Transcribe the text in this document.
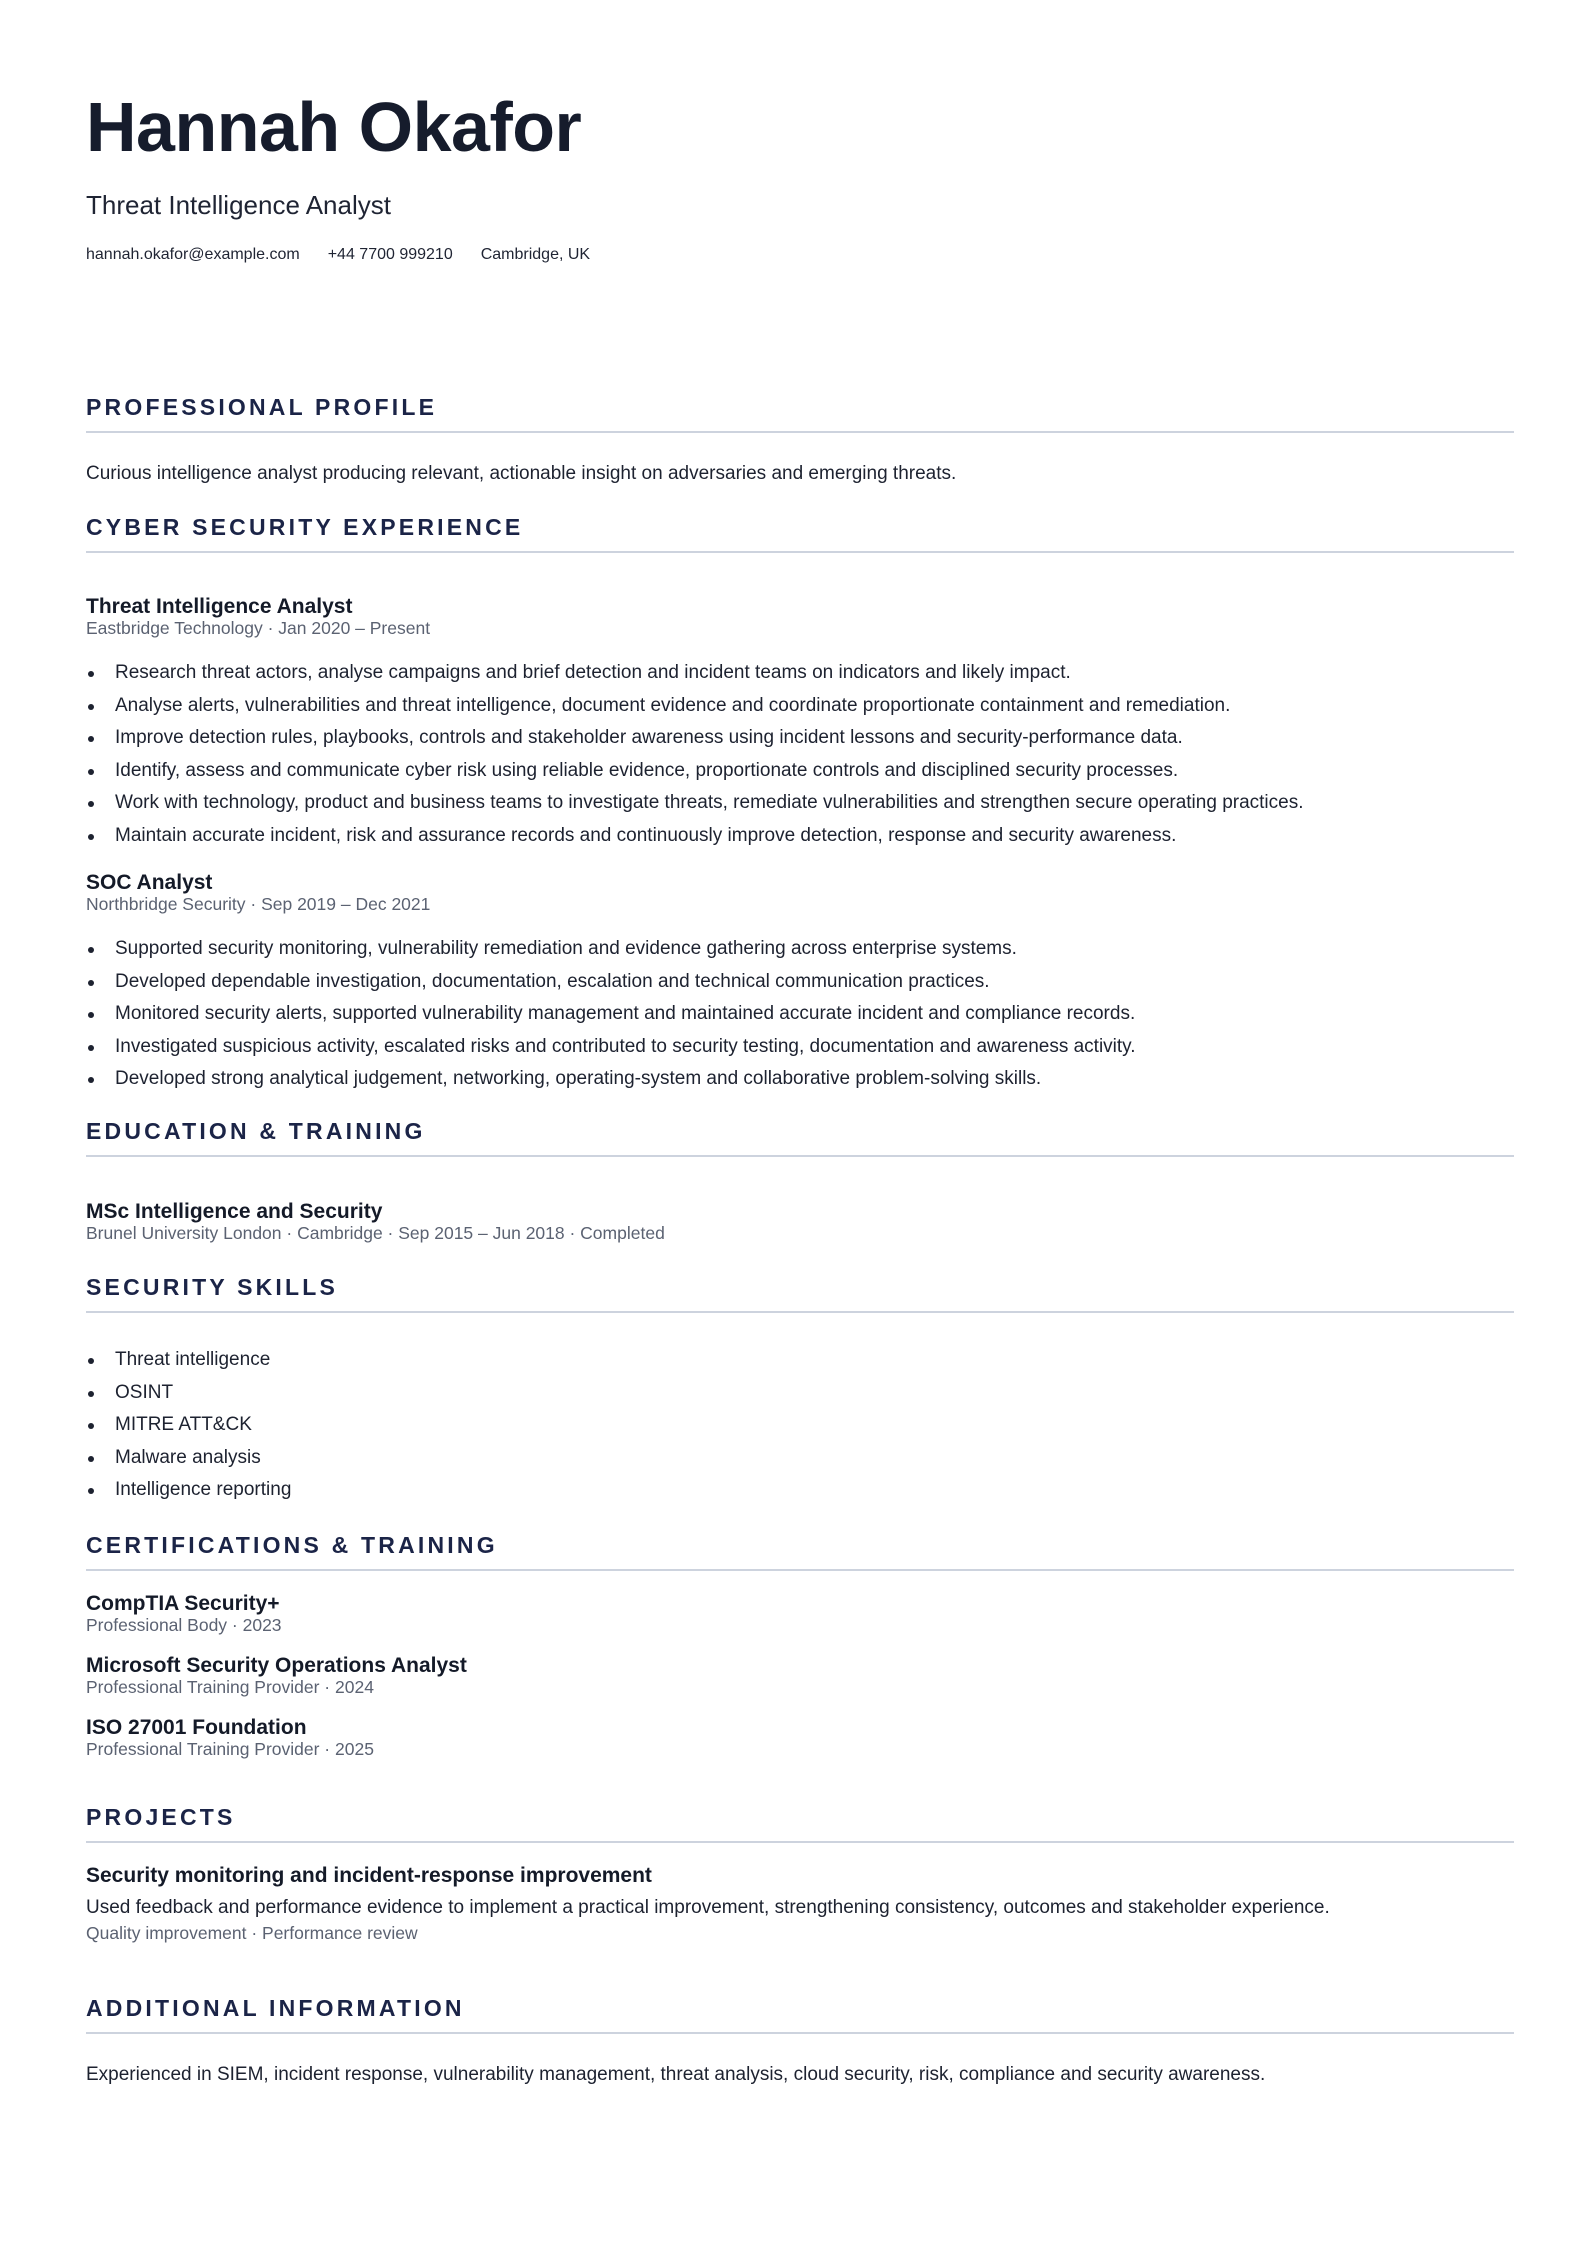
Hannah Okafor
Threat Intelligence Analyst
hannah.okafor@example.com +44 7700 999210 Cambridge, UK
PROFESSIONAL PROFILE
Curious intelligence analyst producing relevant, actionable insight on adversaries and emerging threats.
CYBER SECURITY EXPERIENCE
Threat Intelligence Analyst
Eastbridge Technology · Jan 2020 – Present
Research threat actors, analyse campaigns and brief detection and incident teams on indicators and likely impact.
Analyse alerts, vulnerabilities and threat intelligence, document evidence and coordinate proportionate containment and remediation.
Improve detection rules, playbooks, controls and stakeholder awareness using incident lessons and security-performance data.
Identify, assess and communicate cyber risk using reliable evidence, proportionate controls and disciplined security processes.
Work with technology, product and business teams to investigate threats, remediate vulnerabilities and strengthen secure operating practices.
Maintain accurate incident, risk and assurance records and continuously improve detection, response and security awareness.
SOC Analyst
Northbridge Security · Sep 2019 – Dec 2021
Supported security monitoring, vulnerability remediation and evidence gathering across enterprise systems.
Developed dependable investigation, documentation, escalation and technical communication practices.
Monitored security alerts, supported vulnerability management and maintained accurate incident and compliance records.
Investigated suspicious activity, escalated risks and contributed to security testing, documentation and awareness activity.
Developed strong analytical judgement, networking, operating-system and collaborative problem-solving skills.
EDUCATION & TRAINING
MSc Intelligence and Security
Brunel University London · Cambridge · Sep 2015 – Jun 2018 · Completed
SECURITY SKILLS
Threat intelligence
OSINT
MITRE ATT&CK
Malware analysis
Intelligence reporting
CERTIFICATIONS & TRAINING
CompTIA Security+
Professional Body · 2023
Microsoft Security Operations Analyst
Professional Training Provider · 2024
ISO 27001 Foundation
Professional Training Provider · 2025
PROJECTS
Security monitoring and incident-response improvement
Used feedback and performance evidence to implement a practical improvement, strengthening consistency, outcomes and stakeholder experience.
Quality improvement · Performance review
ADDITIONAL INFORMATION
Experienced in SIEM, incident response, vulnerability management, threat analysis, cloud security, risk, compliance and security awareness.
